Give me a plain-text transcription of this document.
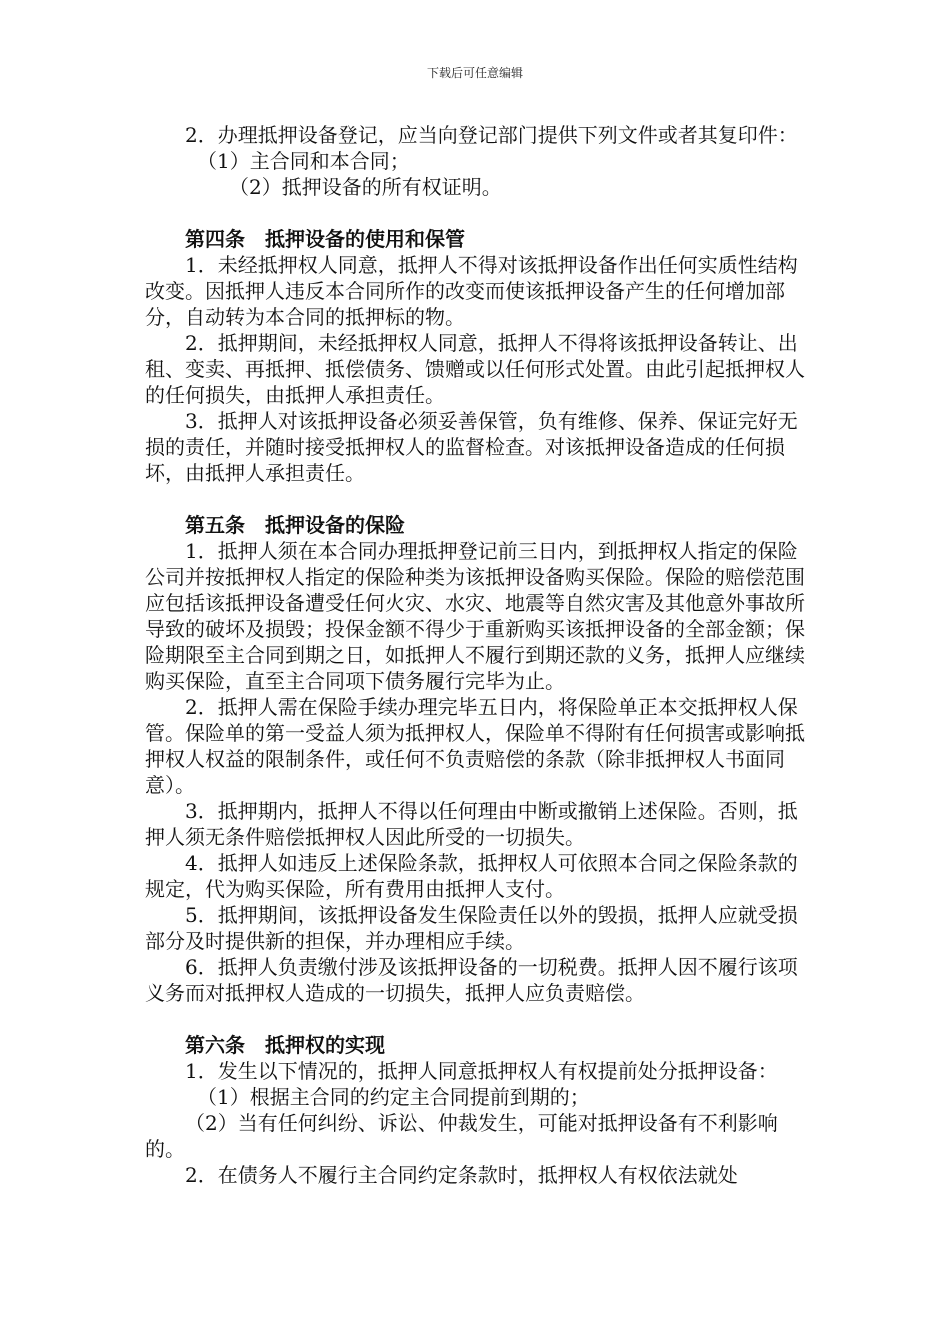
下载后可任意编辑

2．办理抵押设备登记，应当向登记部门提供下列文件或者其复印件：

（1）主合同和本合同；

（2）抵押设备的所有权证明。

第四条　抵押设备的使用和保管

1．未经抵押权人同意，抵押人不得对该抵押设备作出任何实质性结构改变。因抵押人违反本合同所作的改变而使该抵押设备产生的任何增加部分，自动转为本合同的抵押标的物。

2．抵押期间，未经抵押权人同意，抵押人不得将该抵押设备转让、出租、变卖、再抵押、抵偿债务、馈赠或以任何形式处置。由此引起抵押权人的任何损失，由抵押人承担责任。

3．抵押人对该抵押设备必须妥善保管，负有维修、保养、保证完好无损的责任，并随时接受抵押权人的监督检查。对该抵押设备造成的任何损坏，由抵押人承担责任。

第五条　抵押设备的保险

1．抵押人须在本合同办理抵押登记前三日内，到抵押权人指定的保险公司并按抵押权人指定的保险种类为该抵押设备购买保险。保险的赔偿范围应包括该抵押设备遭受任何火灾、水灾、地震等自然灾害及其他意外事故所导致的破坏及损毁；投保金额不得少于重新购买该抵押设备的全部金额；保险期限至主合同到期之日，如抵押人不履行到期还款的义务，抵押人应继续购买保险，直至主合同项下债务履行完毕为止。

2．抵押人需在保险手续办理完毕五日内，将保险单正本交抵押权人保管。保险单的第一受益人须为抵押权人，保险单不得附有任何损害或影响抵押权人权益的限制条件，或任何不负责赔偿的条款（除非抵押权人书面同意）。

3．抵押期内，抵押人不得以任何理由中断或撤销上述保险。否则，抵押人须无条件赔偿抵押权人因此所受的一切损失。

4．抵押人如违反上述保险条款，抵押权人可依照本合同之保险条款的规定，代为购买保险，所有费用由抵押人支付。

5．抵押期间，该抵押设备发生保险责任以外的毁损，抵押人应就受损部分及时提供新的担保，并办理相应手续。

6．抵押人负责缴付涉及该抵押设备的一切税费。抵押人因不履行该项义务而对抵押权人造成的一切损失，抵押人应负责赔偿。

第六条　抵押权的实现

1．发生以下情况的，抵押人同意抵押权人有权提前处分抵押设备：

（1）根据主合同的约定主合同提前到期的；

（2）当有任何纠纷、诉讼、仲裁发生，可能对抵押设备有不利影响的。

2．在债务人不履行主合同约定条款时，抵押权人有权依法就处
